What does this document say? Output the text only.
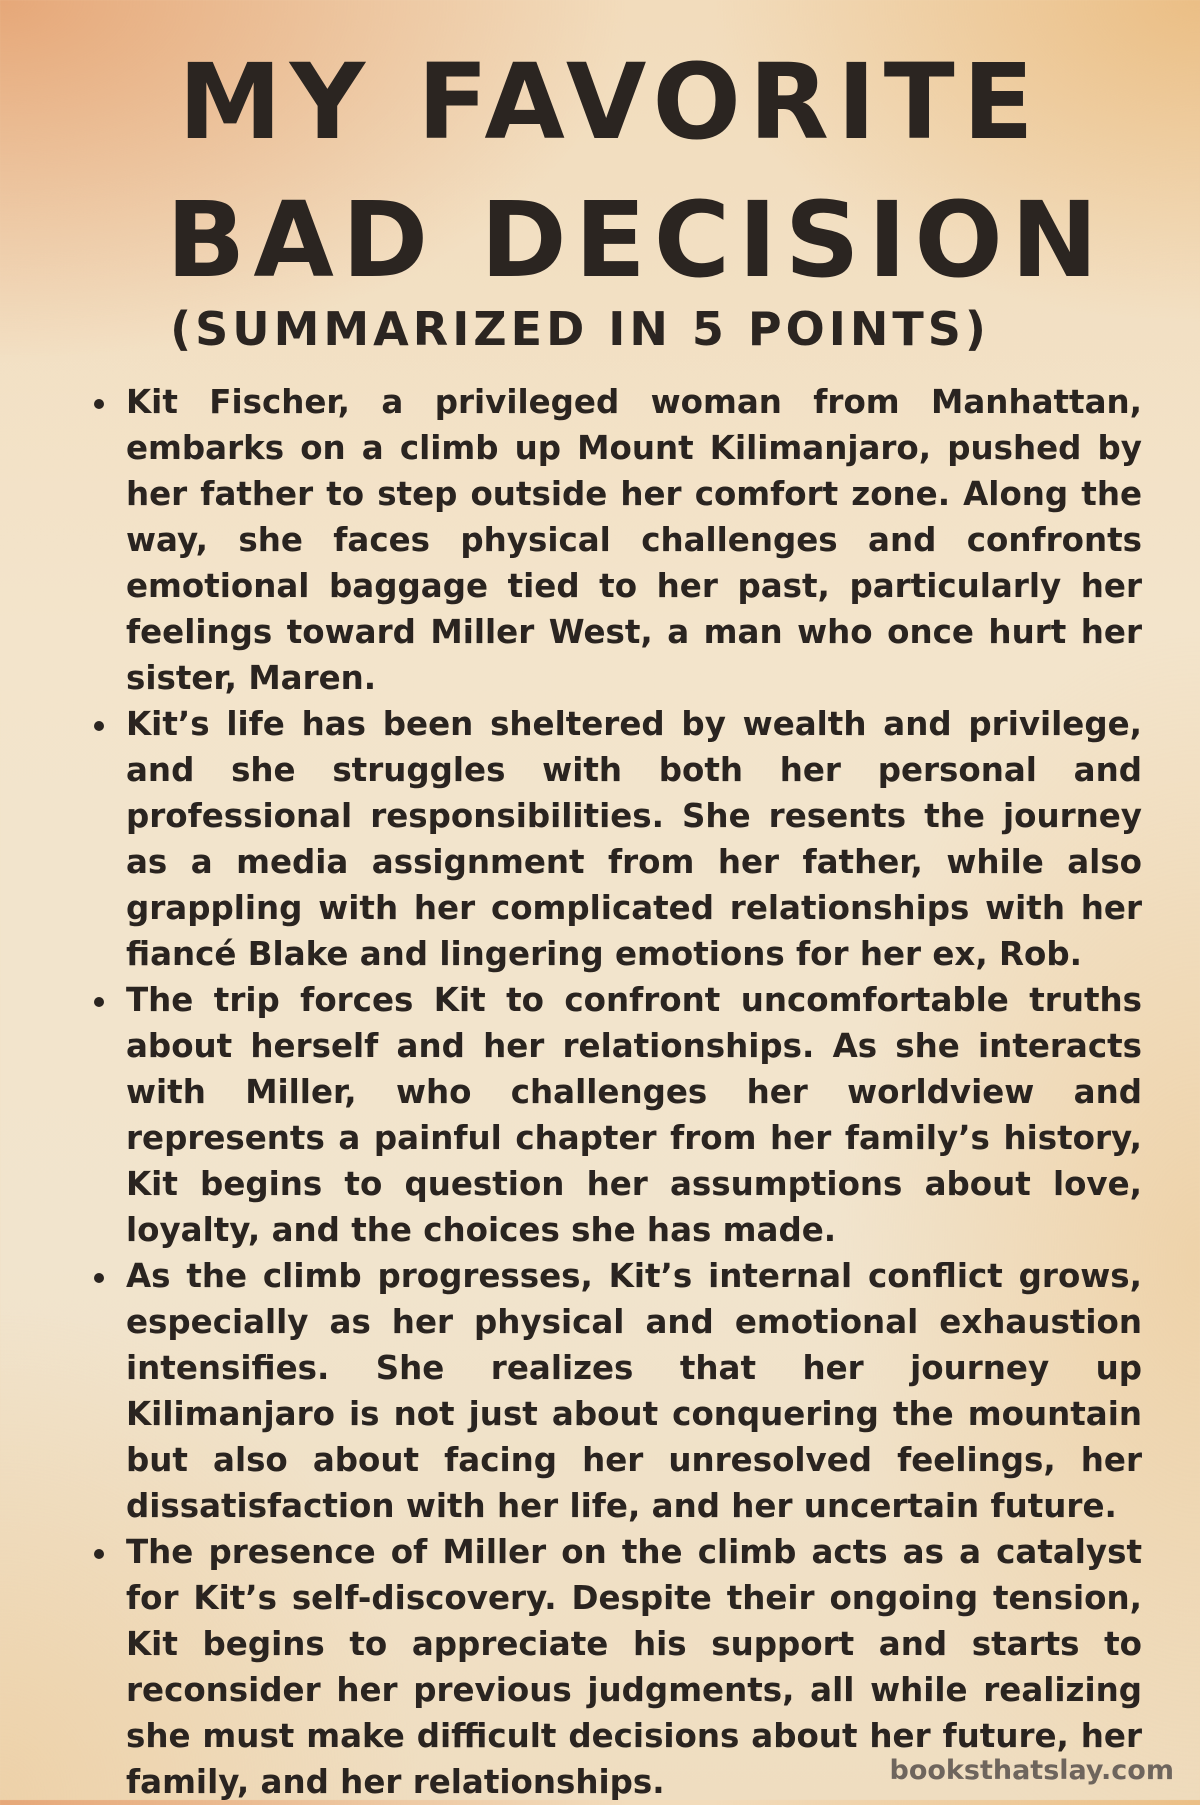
MY FAVORITE
BAD DECISION
(SUMMARIZED IN 5 POINTS)
Kit Fischer, a privileged woman from Manhattan, embarks on a climb up Mount Kilimanjaro, pushed by her father to step outside her comfort zone. Along the way, she faces physical challenges and confronts emotional baggage tied to her past, particularly her feelings toward Miller West, a man who once hurt her sister, Maren.
Kit’s life has been sheltered by wealth and privilege, and she struggles with both her personal and professional responsibilities. She resents the journey as a media assignment from her father, while also grappling with her complicated relationships with her fiancé Blake and lingering emotions for her ex, Rob.
The trip forces Kit to confront uncomfortable truths about herself and her relationships. As she interacts with Miller, who challenges her worldview and represents a painful chapter from her family’s history, Kit begins to question her assumptions about love, loyalty, and the choices she has made.
As the climb progresses, Kit’s internal conflict grows, especially as her physical and emotional exhaustion intensifies. She realizes that her journey up Kilimanjaro is not just about conquering the mountain but also about facing her unresolved feelings, her dissatisfaction with her life, and her uncertain future.
The presence of Miller on the climb acts as a catalyst for Kit’s self-discovery. Despite their ongoing tension, Kit begins to appreciate his support and starts to reconsider her previous judgments, all while realizing she must make difficult decisions about her future, her family, and her relationships.	booksthatslay.com
